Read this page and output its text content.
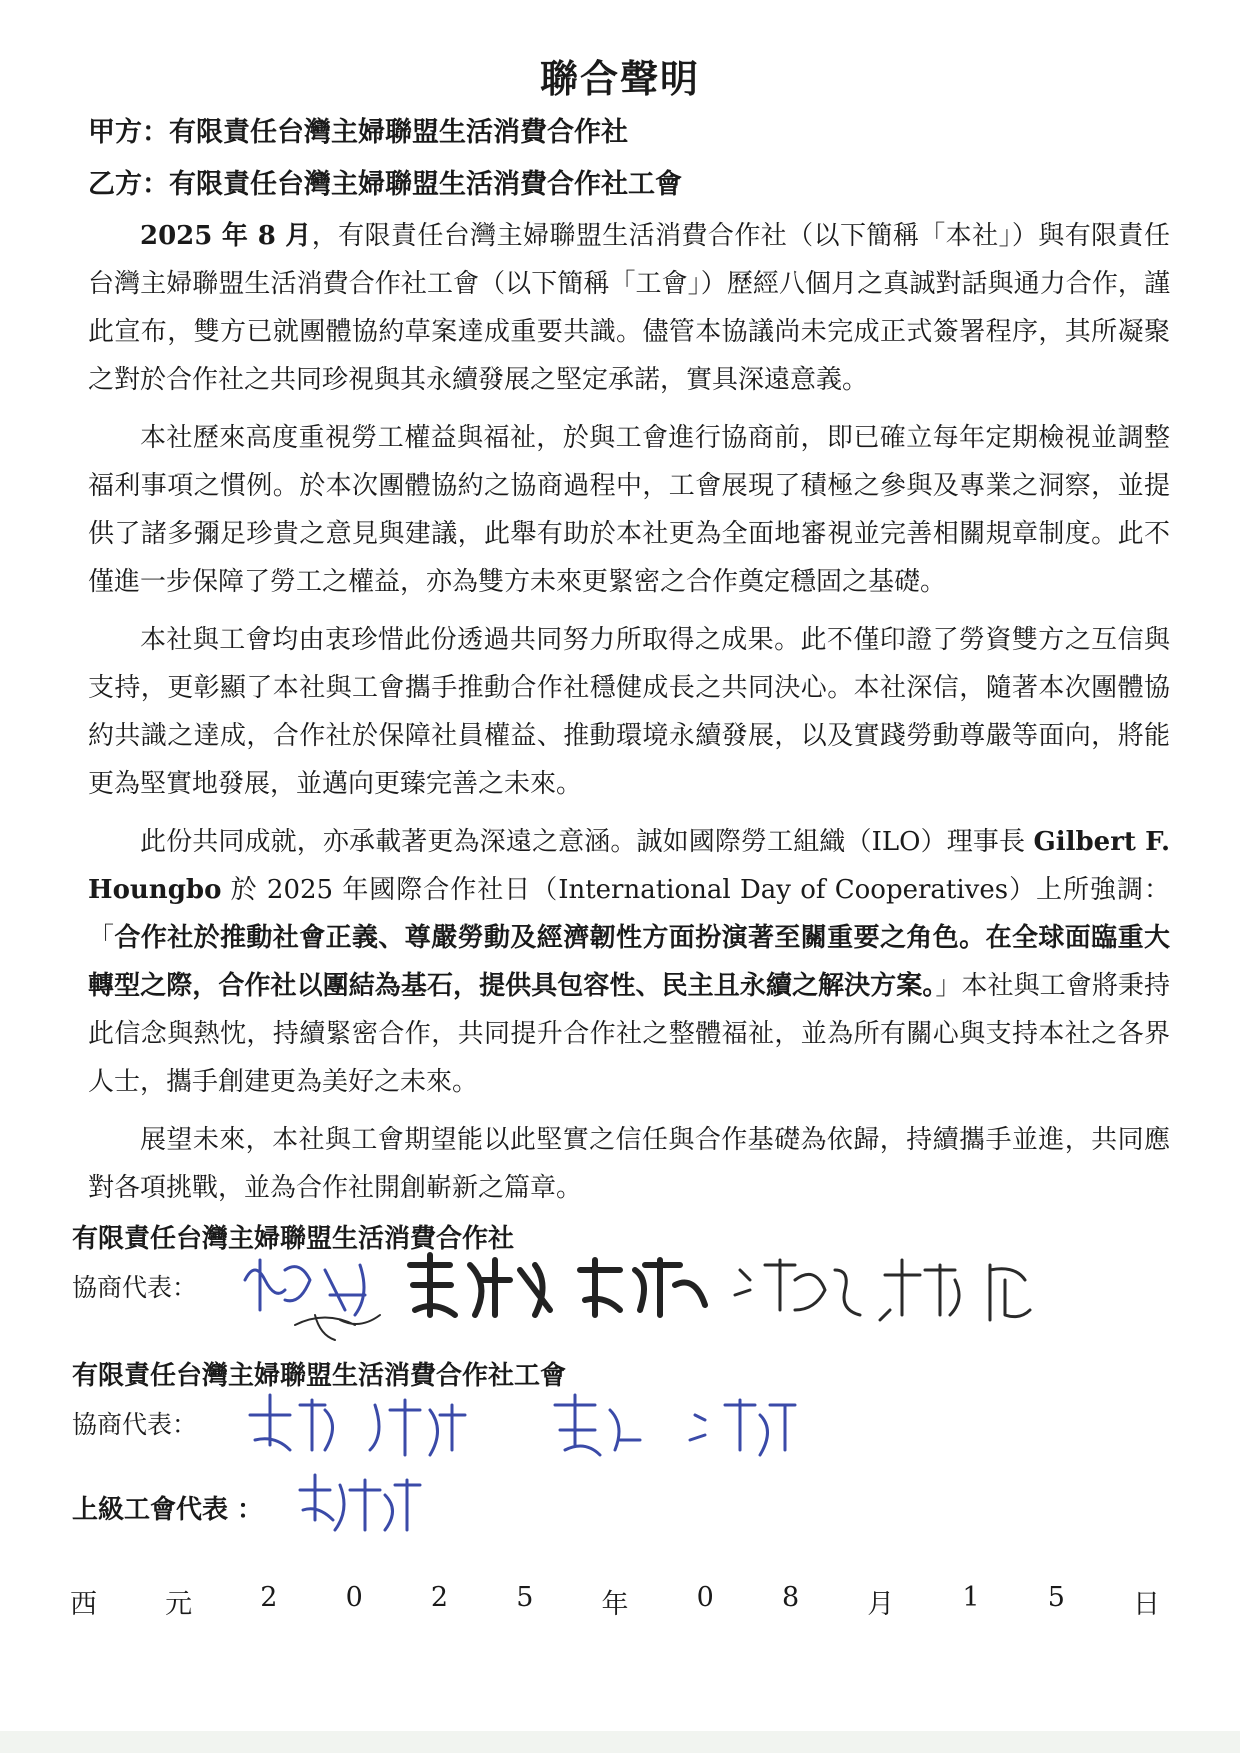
聯合聲明
甲方：有限責任台灣主婦聯盟生活消費合作社
乙方：有限責任台灣主婦聯盟生活消費合作社工會

2025 年 8 月，有限責任台灣主婦聯盟生活消費合作社（以下簡稱「本社」）與有限責任台灣主婦聯盟生活消費合作社工會（以下簡稱「工會」）歷經八個月之真誠對話與通力合作，謹此宣布，雙方已就團體協約草案達成重要共識。儘管本協議尚未完成正式簽署程序，其所凝聚之對於合作社之共同珍視與其永續發展之堅定承諾，實具深遠意義。

本社歷來高度重視勞工權益與福祉，於與工會進行協商前，即已確立每年定期檢視並調整福利事項之慣例。於本次團體協約之協商過程中，工會展現了積極之參與及專業之洞察，並提供了諸多彌足珍貴之意見與建議，此舉有助於本社更為全面地審視並完善相關規章制度。此不僅進一步保障了勞工之權益，亦為雙方未來更緊密之合作奠定穩固之基礎。

本社與工會均由衷珍惜此份透過共同努力所取得之成果。此不僅印證了勞資雙方之互信與支持，更彰顯了本社與工會攜手推動合作社穩健成長之共同決心。本社深信，隨著本次團體協約共識之達成，合作社於保障社員權益、推動環境永續發展，以及實踐勞動尊嚴等面向，將能更為堅實地發展，並邁向更臻完善之未來。

此份共同成就，亦承載著更為深遠之意涵。誠如國際勞工組織（ILO）理事長 Gilbert F. Houngbo 於 2025 年國際合作社日（International Day of Cooperatives）上所強調：「合作社於推動社會正義、尊嚴勞動及經濟韌性方面扮演著至關重要之角色。在全球面臨重大轉型之際，合作社以團結為基石，提供具包容性、民主且永續之解決方案。」本社與工會將秉持此信念與熱忱，持續緊密合作，共同提升合作社之整體福祉，並為所有關心與支持本社之各界人士，攜手創建更為美好之未來。

展望未來，本社與工會期望能以此堅實之信任與合作基礎為依歸，持續攜手並進，共同應對各項挑戰，並為合作社開創嶄新之篇章。

有限責任台灣主婦聯盟生活消費合作社
協商代表：
有限責任台灣主婦聯盟生活消費合作社工會
協商代表：
上級工會代表 ：
西	元	2	0	2	5	年	0	8	月	1	5	日
